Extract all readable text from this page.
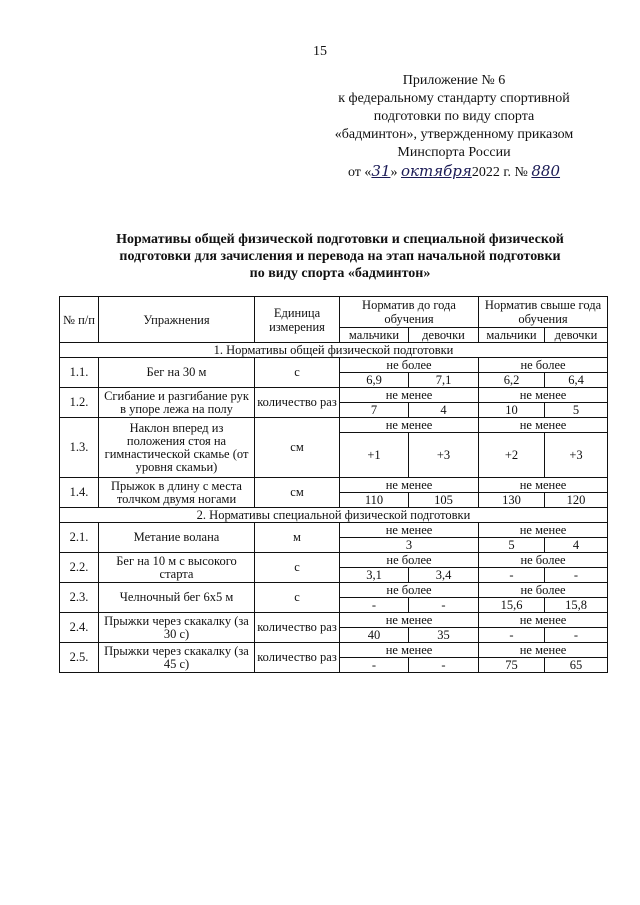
15
Приложение № 6
к федеральному стандарту спортивной
подготовки по виду спорта
«бадминтон», утвержденному приказом
Минспорта России
от «31» октября2022 г. № 880
Нормативы общей физической подготовки и специальной физической
подготовки для зачисления и перевода на этап начальной подготовки
по виду спорта «бадминтон»
№ п/п	Упражнения	Единица измерения	Норматив до года обучения		Норматив свыше года обучения	
			мальчики	девочки	мальчики	девочки
1. Нормативы общей физической подготовки						
1.1.	Бег на 30 м	с	не более		не более	
			6,9	7,1	6,2	6,4
1.2.	Сгибание и разгибание рук в упоре лежа на полу	количество раз	не менее		не менее	
			7	4	10	5
1.3.	Наклон вперед из положения стоя на гимнастической скамье (от уровня скамьи)	см	не менее		не менее	
			+1	+3	+2	+3
1.4.	Прыжок в длину с места толчком двумя ногами	см	не менее		не менее	
			110	105	130	120
2. Нормативы специальной физической подготовки						
2.1.	Метание волана	м	не менее		не менее	
			3		5	4
2.2.	Бег на 10 м с высокого старта	с	не более		не более	
			3,1	3,4	-	-
2.3.	Челночный бег 6х5 м	с	не более		не более	
			-	-	15,6	15,8
2.4.	Прыжки через скакалку (за 30 с)	количество раз	не менее		не менее	
			40	35	-	-
2.5.	Прыжки через скакалку (за 45 с)	количество раз	не менее		не менее	
			-	-	75	65
